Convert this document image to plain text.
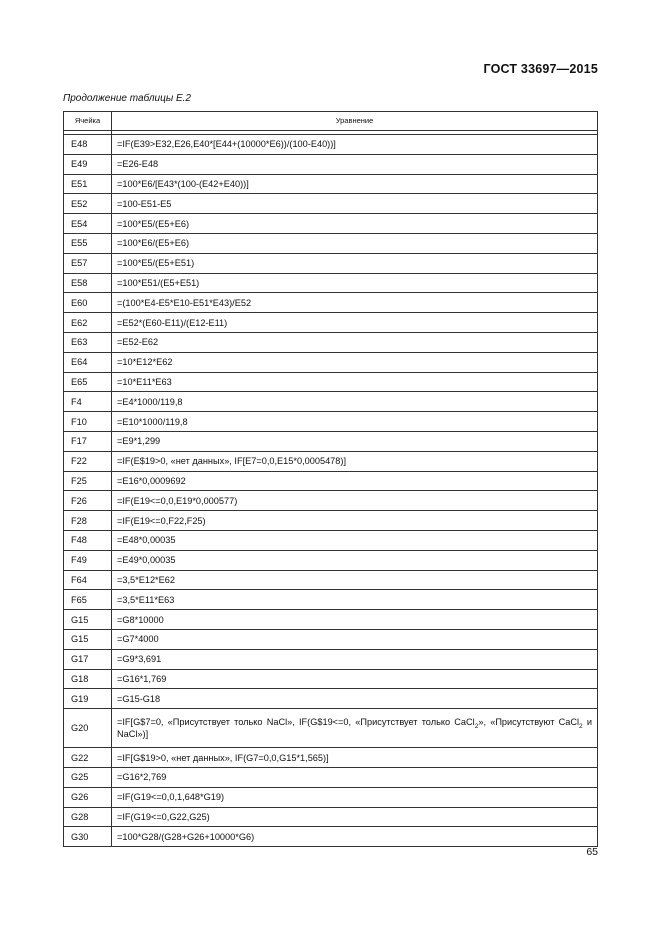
ГОСТ 33697—2015
Продолжение таблицы Е.2
Ячейка	Уравнение

E48	=IF(E39>E32,E26,E40*[E44+(10000*E6))/(100-E40))]
E49	=E26-E48
E51	=100*E6/[E43*(100-(E42+E40))]
E52	=100-E51-E5
E54	=100*E5/(E5+E6)
E55	=100*E6/(E5+E6)
E57	=100*E5/(E5+E51)
E58	=100*E51/(E5+E51)
E60	=(100*E4-E5*E10-E51*E43)/E52
E62	=E52*(E60-E11)/(E12-E11)
E63	=E52-E62
E64	=10*E12*E62
E65	=10*E11*E63
F4	=E4*1000/119,8
F10	=E10*1000/119,8
F17	=E9*1,299
F22	=IF(E$19>0, «нет данных», IF[E7=0,0,E15*0,0005478)]
F25	=E16*0,0009692
F26	=IF(E19<=0,0,E19*0,000577)
F28	=IF(E19<=0,F22,F25)
F48	=E48*0,00035
F49	=E49*0,00035
F64	=3,5*E12*E62
F65	=3,5*E11*E63
G15	=G8*10000
G15	=G7*4000
G17	=G9*3,691
G18	=G16*1,769
G19	=G15-G18
G20	=IF[G$7=0, «Присутствует только NaCl», IF(G$19<=0, «Присутствует только CaCl$_2$», «Присутствуют CaCl$_2$ и NaCl»)]
G22	=IF[G$19>0, «нет данных», IF(G7=0,0,G15*1,565)]
G25	=G16*2,769
G26	=IF(G19<=0,0,1,648*G19)
G28	=IF(G19<=0,G22,G25)
G30	=100*G28/(G28+G26+10000*G6)
65
